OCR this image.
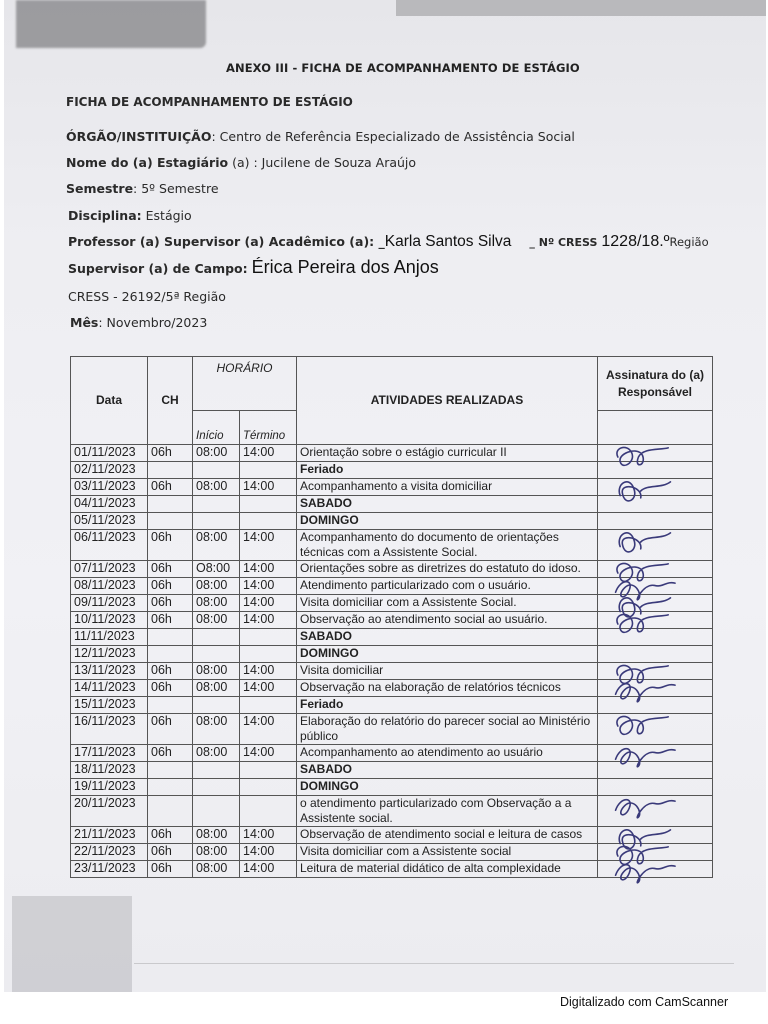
ANEXO III - FICHA DE ACOMPANHAMENTO DE ESTÁGIO
FICHA DE ACOMPANHAMENTO DE ESTÁGIO
ÓRGÃO/INSTITUIÇÃO: Centro de Referência Especializado de Assistência Social
Nome do (a) Estagiário (a) : Jucilene de Souza Araújo
Semestre: 5º Semestre
Disciplina: Estágio
Professor (a) Supervisor (a) Acadêmico (a): _Karla Santos Silva _ Nº CRESS 1228/18.ºRegião
Supervisor (a) de Campo: Érica Pereira dos Anjos
CRESS - 26192/5ª Região
Mês: Novembro/2023
Data	CH	HORÁRIO		ATIVIDADES REALIZADAS	Assinatura do (a) Responsável
		Início	Término		
01/11/2023	06h	08:00	14:00	Orientação sobre o estágio curricular II	

02/11/2023				Feriado	
03/11/2023	06h	08:00	14:00	Acompanhamento a visita domiciliar	

04/11/2023				SABADO	
05/11/2023				DOMINGO	
06/11/2023	06h	08:00	14:00	Acompanhamento do documento de orientações técnicas com a Assistente Social.	

07/11/2023	06h	O8:00	14:00	Orientações sobre as diretrizes do estatuto do idoso.	

08/11/2023	06h	08:00	14:00	Atendimento particularizado com o usuário.	

09/11/2023	06h	08:00	14:00	Visita domiciliar com a Assistente Social.	

10/11/2023	06h	08:00	14:00	Observação ao atendimento social ao usuário.	

11/11/2023				SABADO	
12/11/2023				DOMINGO	
13/11/2023	06h	08:00	14:00	Visita domiciliar	

14/11/2023	06h	08:00	14:00	Observação na elaboração de relatórios técnicos	

15/11/2023				Feriado	
16/11/2023	06h	08:00	14:00	Elaboração do relatório do parecer social ao Ministério público	

17/11/2023	06h	08:00	14:00	Acompanhamento ao atendimento ao usuário	

18/11/2023				SABADO	
19/11/2023				DOMINGO	
20/11/2023				o atendimento particularizado com Observação a a Assistente social.	

21/11/2023	06h	08:00	14:00	Observação de atendimento social e leitura de casos	

22/11/2023	06h	08:00	14:00	Visita domiciliar com a Assistente social	

23/11/2023	06h	08:00	14:00	Leitura de material didático de alta complexidade	
Digitalizado com CamScanner
